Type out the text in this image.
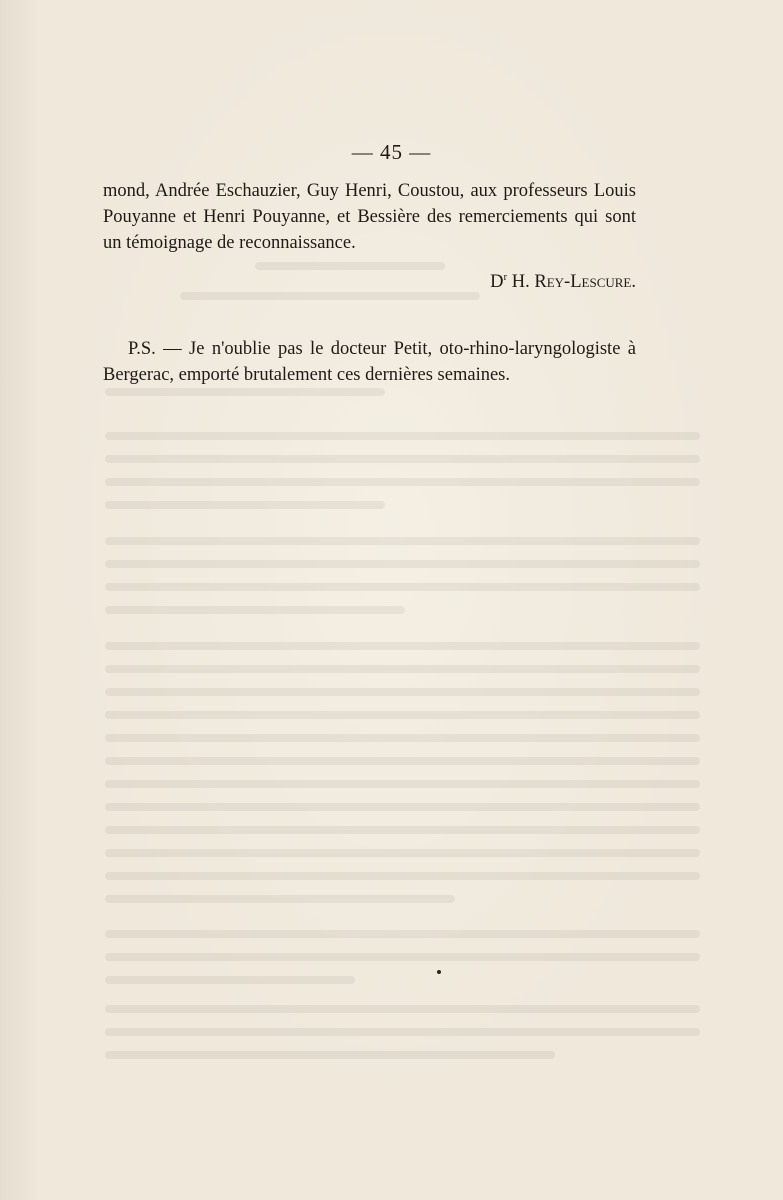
— 45 —

mond, Andrée Eschauzier, Guy Henri, Coustou, aux professeurs Louis Pouyanne et Henri Pouyanne, et Bessière des remerciements qui sont un témoignage de reconnaissance.

$D^r$ H. Rey-Lescure.

P.S. — Je n'oublie pas le docteur Petit, oto-rhino-laryngologiste à Bergerac, emporté brutalement ces dernières semaines.
